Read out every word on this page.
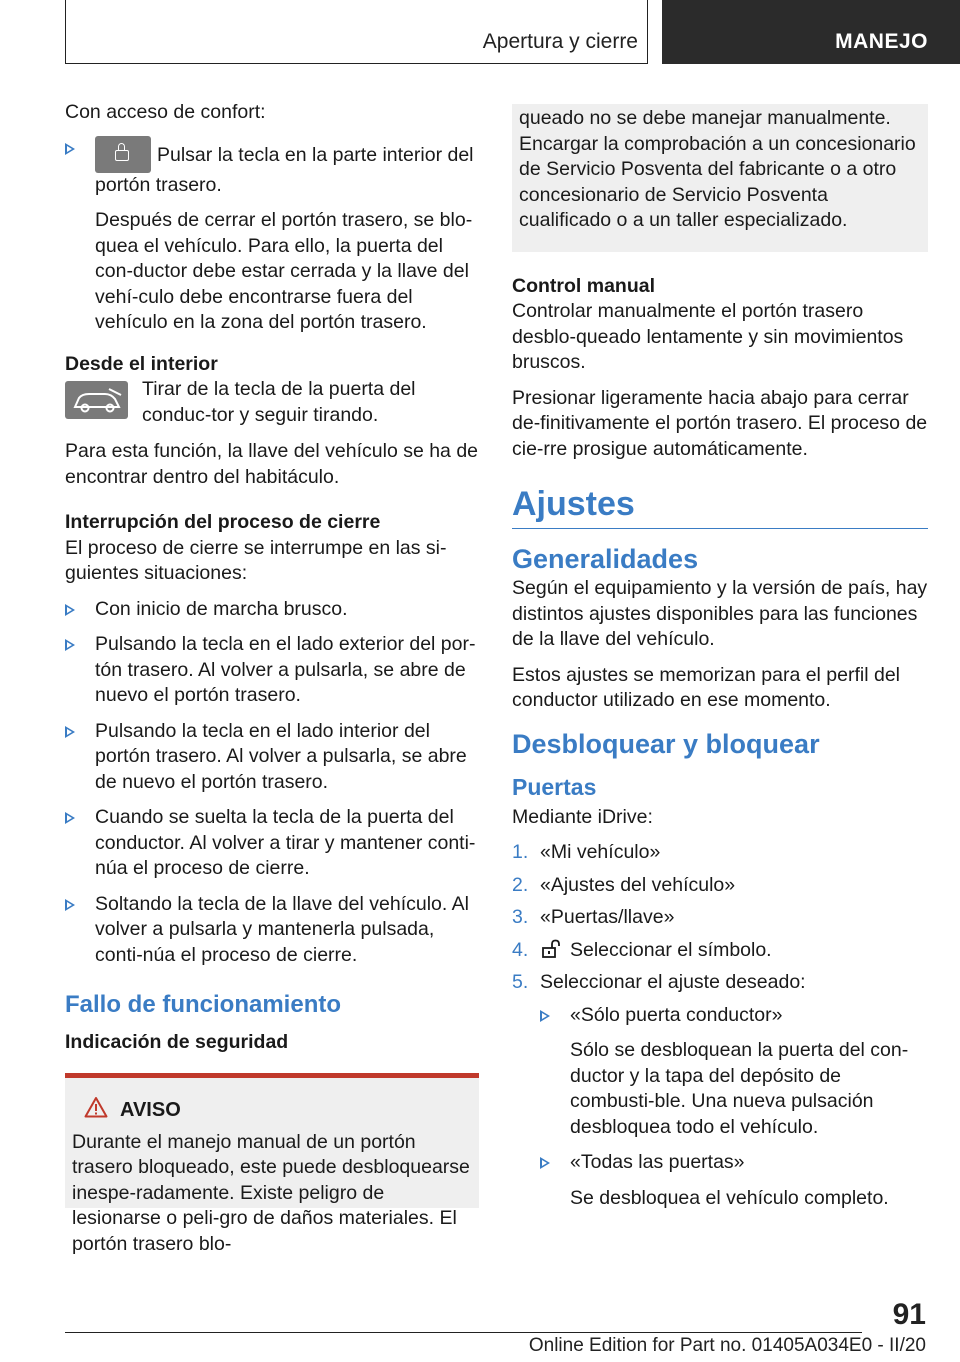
Apertura y cierre	MANEJO

Con acceso de confort:

Pulsar la tecla en la parte interior del portón trasero.

Después de cerrar el portón trasero, se blo-quea el vehículo. Para ello, la puerta del con-ductor debe estar cerrada y la llave del vehí-culo debe encontrarse fuera del vehículo en la zona del portón trasero.

Desde el interior

Tirar de la tecla de la puerta del conduc-tor y seguir tirando.

Para esta función, la llave del vehículo se ha de encontrar dentro del habitáculo.

Interrupción del proceso de cierre

El proceso de cierre se interrumpe en las si-guientes situaciones:

Con inicio de marcha brusco.
Pulsando la tecla en el lado exterior del por-tón trasero. Al volver a pulsarla, se abre de nuevo el portón trasero.
Pulsando la tecla en el lado interior del portón trasero. Al volver a pulsarla, se abre de nuevo el portón trasero.
Cuando se suelta la tecla de la puerta del conductor. Al volver a tirar y mantener conti-núa el proceso de cierre.
Soltando la tecla de la llave del vehículo. Al volver a pulsarla y mantenerla pulsada, conti-núa el proceso de cierre.

Fallo de funcionamiento

Indicación de seguridad

AVISO

Durante el manejo manual de un portón trasero bloqueado, este puede desbloquearse inespe-radamente. Existe peligro de lesionarse o peli-gro de daños materiales. El portón trasero blo-

queado no se debe manejar manualmente. Encargar la comprobación a un concesionario de Servicio Posventa del fabricante o a otro concesionario de Servicio Posventa cualificado o a un taller especializado.

Control manual

Controlar manualmente el portón trasero desblo-queado lentamente y sin movimientos bruscos.

Presionar ligeramente hacia abajo para cerrar de-finitivamente el portón trasero. El proceso de cie-rre prosigue automáticamente.

Ajustes

Generalidades

Según el equipamiento y la versión de país, hay distintos ajustes disponibles para las funciones de la llave del vehículo.

Estos ajustes se memorizan para el perfil del conductor utilizado en ese momento.

Desbloquear y bloquear

Puertas

Mediante iDrive:

1. «Mi vehículo»
2. «Ajustes del vehículo»
3. «Puertas/llave»
4. Seleccionar el símbolo.
5. Seleccionar el ajuste deseado:
«Sólo puerta conductor»

Sólo se desbloquean la puerta del con-ductor y la tapa del depósito de combusti-ble. Una nueva pulsación desbloquea todo el vehículo.

«Todas las puertas»

Se desbloquea el vehículo completo.

91
Online Edition for Part no. 01405A034E0 - II/20
